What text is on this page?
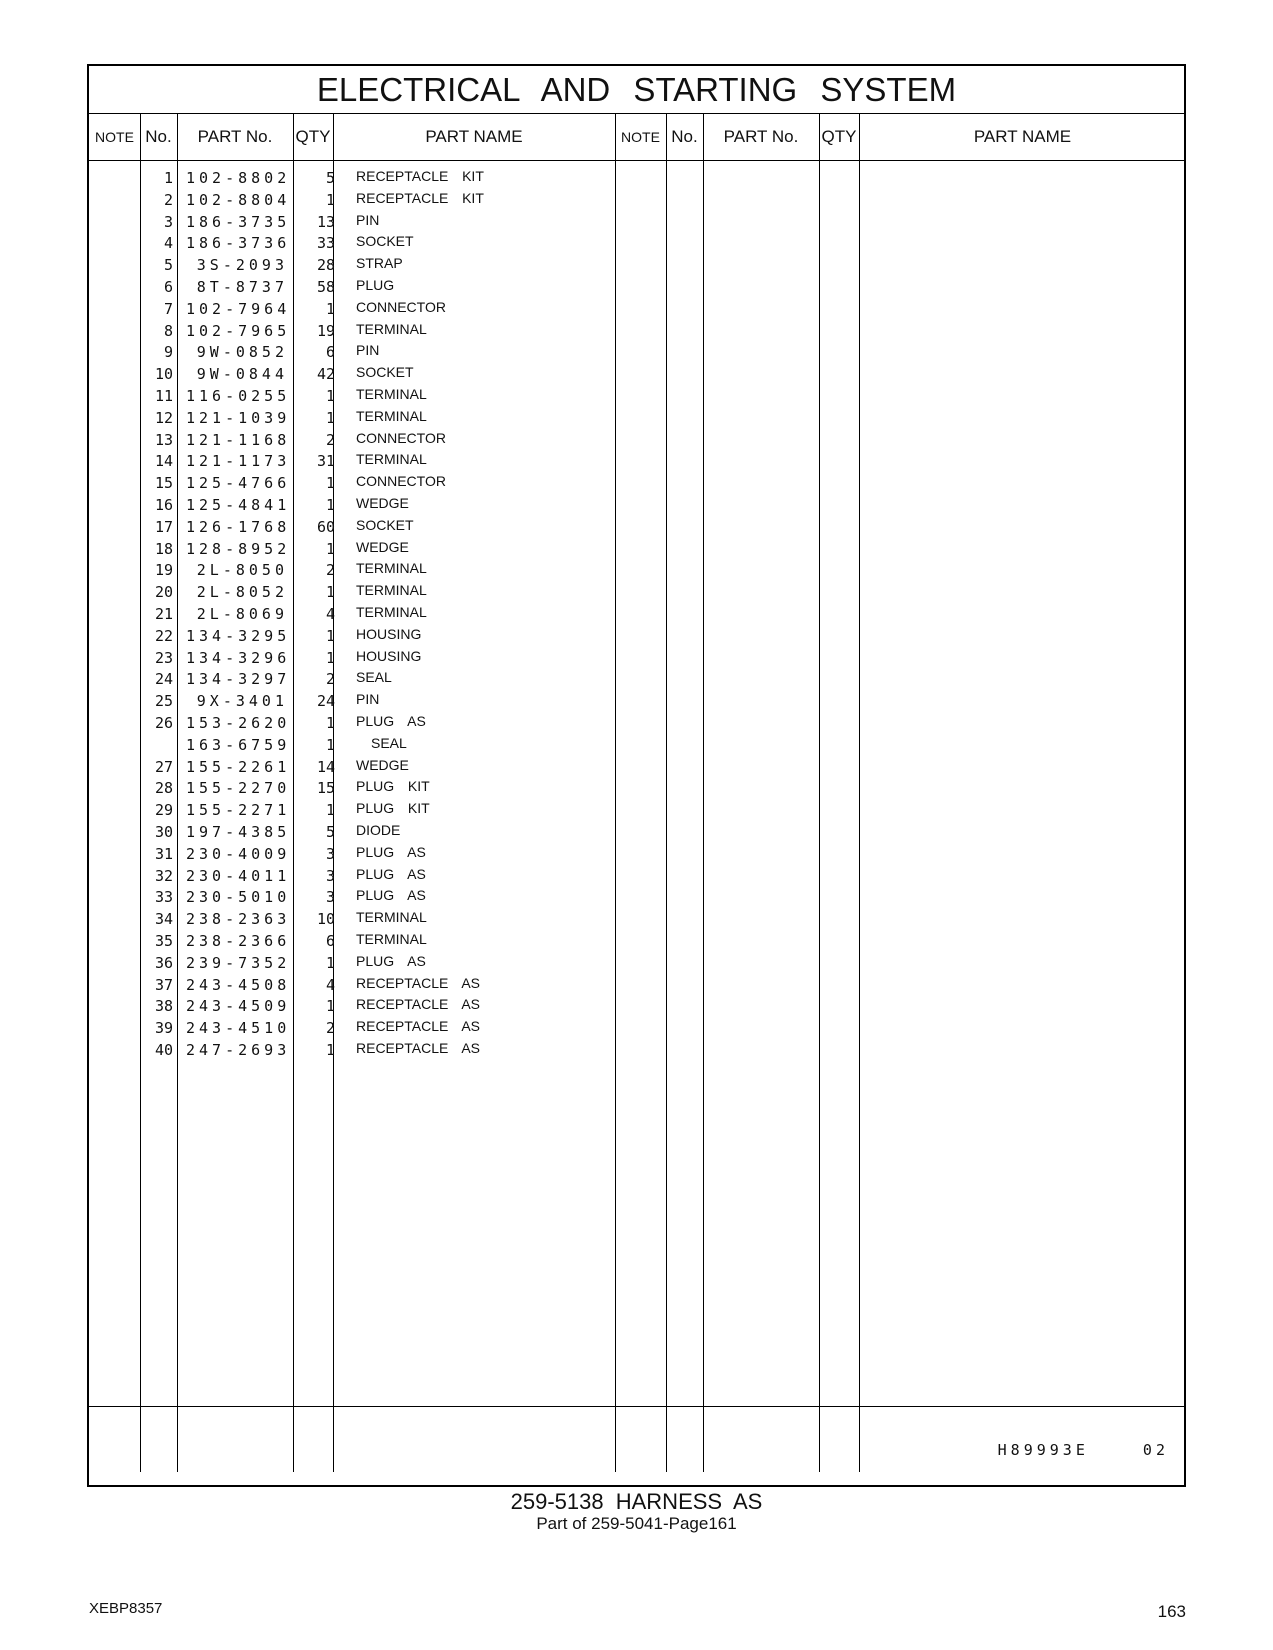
ELECTRICAL AND STARTING SYSTEM
NOTE No.	PART No.	QTY	PART NAME	NOTE No.	PART No.	QTY	PART NAME
1 102-8802	5 RECEPTACLE  KIT
2 102-8804	1 RECEPTACLE  KIT
3 186-3735	13 PIN
4 186-3736	33 SOCKET
5	3S-2093	28 STRAP
6	8T-8737	58 PLUG
7 102-7964	1 CONNECTOR
8 102-7965	19 TERMINAL
9	9W-0852	6 PIN
10	9W-0844	42 SOCKET
11 116-0255	1 TERMINAL
12 121-1039	1 TERMINAL
13 121-1168	2 CONNECTOR
14 121-1173	31 TERMINAL
15 125-4766	1 CONNECTOR
16 125-4841	1 WEDGE
17 126-1768	60 SOCKET
18 128-8952	1 WEDGE
19	2L-8050	2 TERMINAL
20	2L-8052	1 TERMINAL
21	2L-8069	4 TERMINAL
22 134-3295	1 HOUSING
23 134-3296	1 HOUSING
24 134-3297	2 SEAL
25	9X-3401	24 PIN
26 153-2620	1 PLUG  AS
163-6759	1	SEAL
27 155-2261	14 WEDGE
28 155-2270	15 PLUG  KIT
29 155-2271	1 PLUG  KIT
30 197-4385	5 DIODE
31 230-4009	3 PLUG  AS
32 230-4011	3 PLUG  AS
33 230-5010	3 PLUG  AS
34 238-2363	10 TERMINAL
35 238-2366	6 TERMINAL
36 239-7352	1 PLUG  AS
37 243-4508	4 RECEPTACLE  AS
38 243-4509	1 RECEPTACLE  AS
39 243-4510	2 RECEPTACLE  AS
40 247-2693	1 RECEPTACLE  AS
H89993E  02
259-5138 HARNESS AS
Part of 259-5041-Page161
XEBP8357	163
